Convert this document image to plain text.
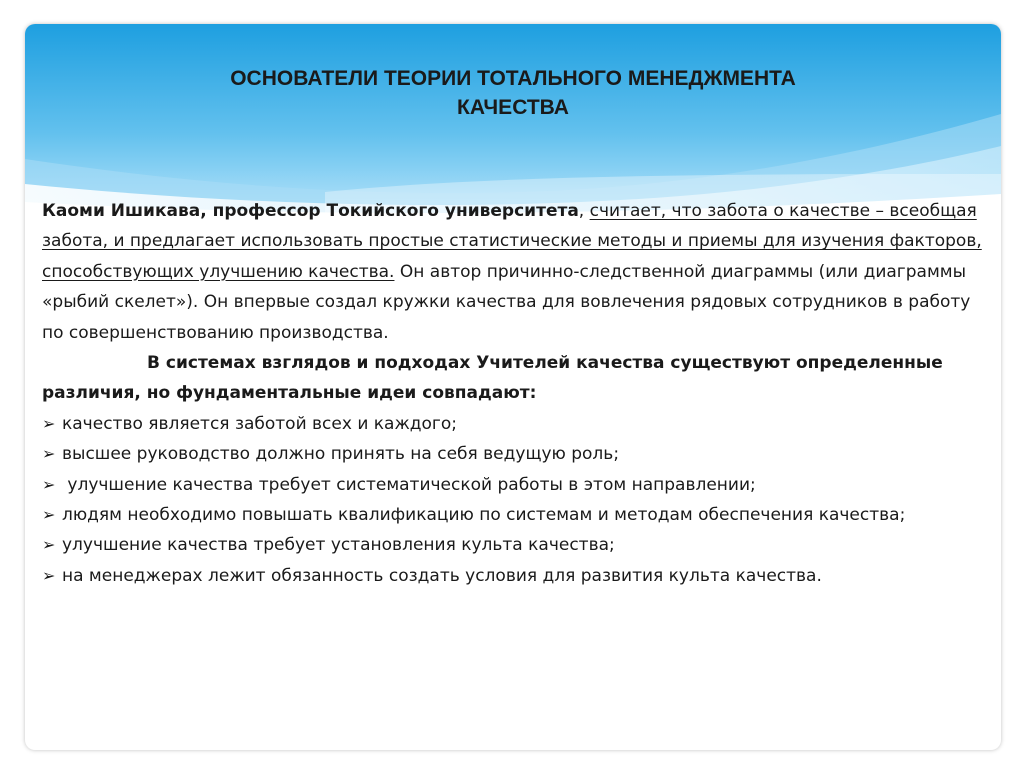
ОСНОВАТЕЛИ ТЕОРИИ ТОТАЛЬНОГО МЕНЕДЖМЕНТА
КАЧЕСТВА

Каоми Ишикава, профессор Токийского университета, считает, что забота о качестве – всеобщая забота, и предлагает использовать простые статистические методы и приемы для изучения факторов, способствующих улучшению качества. Он автор причинно-следственной диаграммы (или диаграммы «рыбий скелет»). Он впервые создал кружки качества для вовлечения рядовых сотрудников в работу по совершенствованию производства.

В системах взглядов и подходах Учителей качества существуют определенные различия, но фундаментальные идеи совпадают:

➢ качество является заботой всех и каждого;
➢ высшее руководство должно принять на себя ведущую роль;
➢ улучшение качества требует систематической работы в этом направлении;
➢ людям необходимо повышать квалификацию по системам и методам обеспечения качества;
➢ улучшение качества требует установления культа качества;
➢ на менеджерах лежит обязанность создать условия для развития культа качества.
